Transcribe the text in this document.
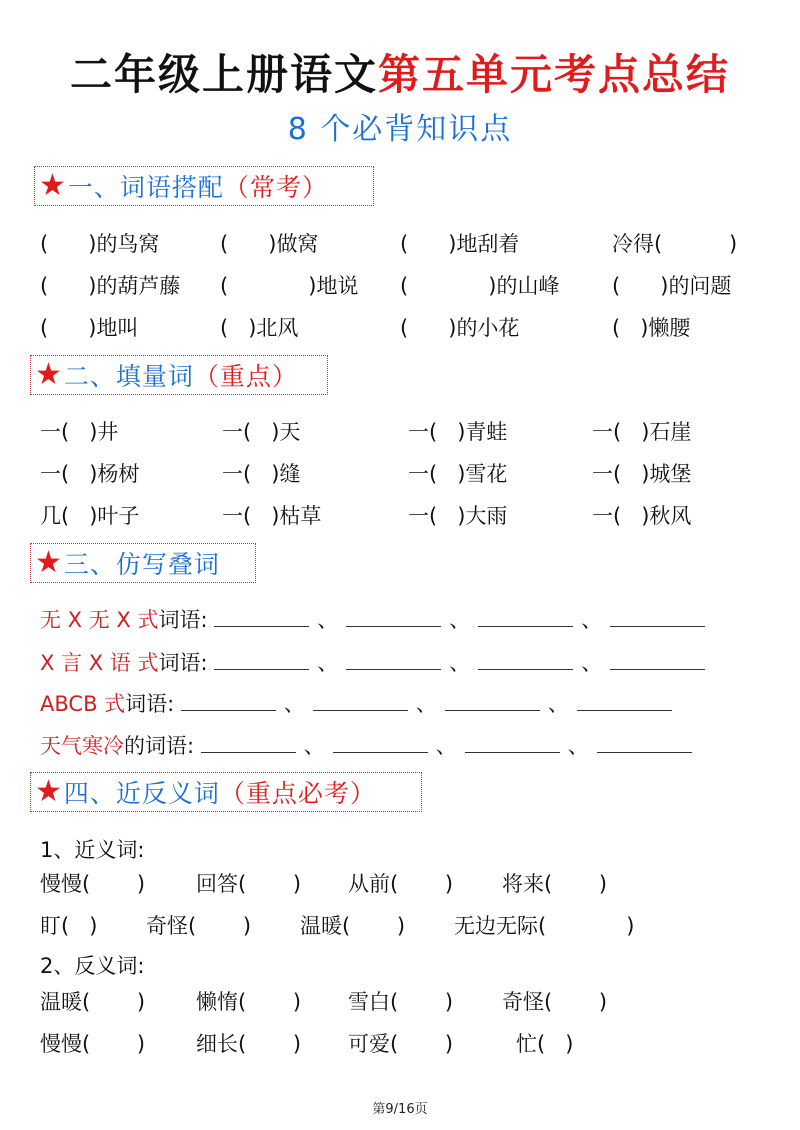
二年级上册语文第五单元考点总结
8 个必背知识点
★ 一、词语搭配（常考）
(      )的鸟窝	(      )做窝	(      )地刮着	冷得(          )
(      )的葫芦藤 (            )地说 (            )的山峰	(      )的问题
(      )地叫	(   )北风	(      )的小花	(   )懒腰
★ 二、填量词（重点）
一(   )井	一(   )天	一(   )青蛙	一(   )石崖
一(   )杨树	一(   )缝	一(   )雪花	一(   )城堡
几(   )叶子	一(   )枯草	一(   )大雨	一(   )秋风
★ 三、仿写叠词
无 X 无 X 式词语:	、	、	、
X 言 X 语 式词语:	、	、	、
ABCB 式词语:	、	、	、
天气寒冷的词语:	、	、	、
★ 四、近反义词（重点必考）
1、近义词:
慢慢(       ) 回答(       ) 从前(       ) 将来(       )
盯(   ) 奇怪(       ) 温暖(       ) 无边无际(            )
2、反义词:
温暖(       ) 懒惰(       ) 雪白(       ) 奇怪(       )
慢慢(       ) 细长(       ) 可爱(       )	忙(   )
第9/16页
